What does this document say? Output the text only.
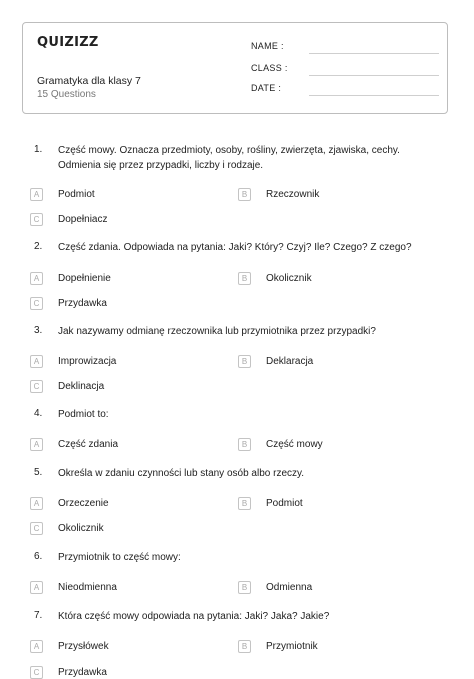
QUIZIZZ
Gramatyka dla klasy 7
15 Questions
NAME :
CLASS :
DATE :
1. Część mowy. Oznacza przedmioty, osoby, rośliny, zwierzęta, zjawiska, cechy. Odmienia się przez przypadki, liczby i rodzaje.
A	Podmiot	B	Rzeczownik
C	Dopełniacz
2. Część zdania. Odpowiada na pytania: Jaki? Który? Czyj? Ile? Czego? Z czego?
A	Dopełnienie	B	Okolicznik
C	Przydawka
3. Jak nazywamy odmianę rzeczownika lub przymiotnika przez przypadki?
A	Improwizacja	B	Deklaracja
C	Deklinacja
4. Podmiot to:
A	Część zdania	B	Część mowy
5. Określa w zdaniu czynności lub stany osób albo rzeczy.
A	Orzeczenie	B	Podmiot
C	Okolicznik
6. Przymiotnik to część mowy:
A	Nieodmienna	B	Odmienna
7. Która część mowy odpowiada na pytania: Jaki? Jaka? Jakie?
A	Przysłówek	B	Przymiotnik
C	Przydawka
